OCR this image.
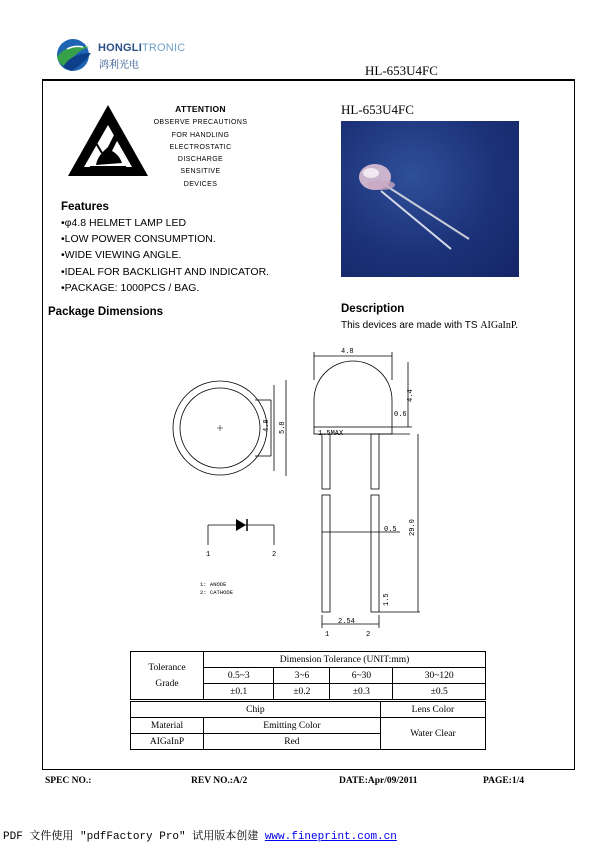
HONGLITRONIC
鸿利光电	HL-653U4FC
ATTENTION
OBSERVE PRECAUTIONS
FOR HANDLING
ELECTROSTATIC
DISCHARGE
SENSITIVE
DEVICES
HL-653U4FC
Features
•φ4.8 HELMET LAMP LED
•LOW POWER CONSUMPTION.
•WIDE VIEWING ANGLE.
•IDEAL FOR BACKLIGHT AND INDICATOR.
•PACKAGE: 1000PCS / BAG.
Package Dimensions	Description
This devices are made with TS AIGaInP.
4.8
4.4
0.6
4.8 5.8	1.5MAX
0.5 29.0
1.5
2.54
1	2
1	2
1: ANODE
2: CATHODE
Tolerance Grade	Dimension Tolerance (UNIT:mm)			
	0.5~3	3~6	6~30	30~120
	±0.1	±0.2	±0.3	±0.5
Chip		Lens Color
Material	Emitting Color	Water Clear
AIGaInP	Red	
SPEC NO.:	REV NO.:A/2	DATE:Apr/09/2011	PAGE:1/4
PDF 文件使用 "pdfFactory Pro" 试用版本创建 www.fineprint.com.cn
